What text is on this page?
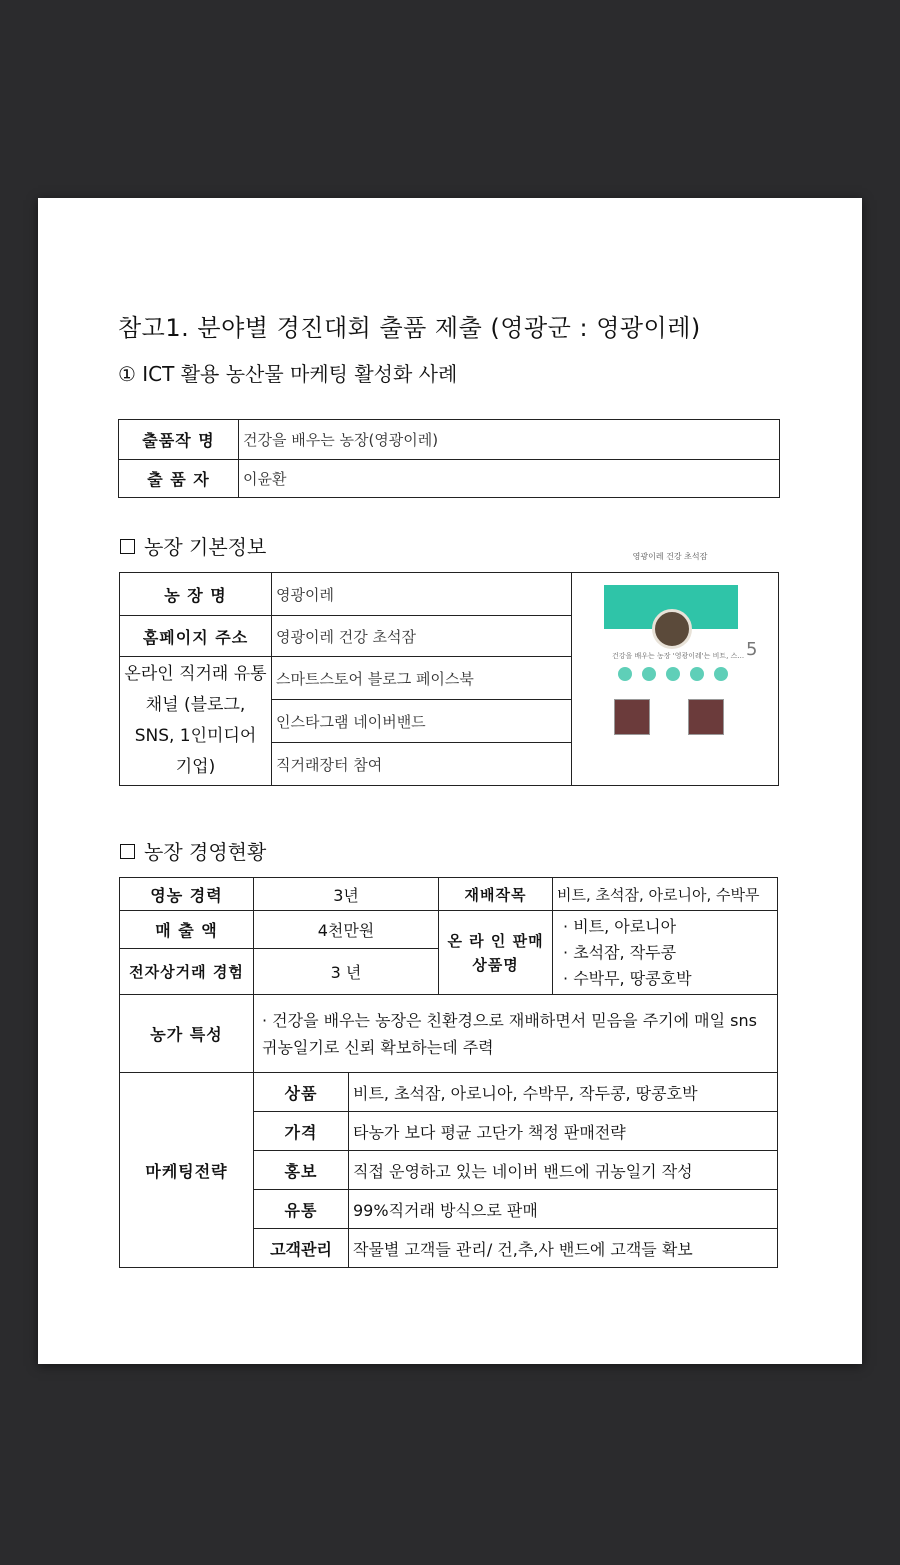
참고1. 분야별 경진대회 출품 제출 (영광군 : 영광이레)
① ICT 활용 농산물 마케팅 활성화 사례
출품작 명	건강을 배우는 농장(영광이레)
출 품 자	이윤환
농장 기본정보
농 장 명	영광이레	영광이레 건강 초석잠
건강을 배우는 농장 '영광이레'는 비트, 스... 5

홈페이지 주소	영광이레 건강 초석잠	
온라인 직거래 유통채널 (블로그, SNS, 1인미디어 기업)	스마트스토어 블로그 페이스북	
	인스타그램 네이버밴드	
	직거래장터 참여	
농장 경영현황
영농 경력	3년		재배작목	비트, 초석잠, 아로니아, 수박무
매 출 액	4천만원		온 라 인 판매상품명	· 비트, 아로니아
· 초석잠, 작두콩
· 수박무, 땅콩호박

전자상거래 경험	3 년			
농가 특성	· 건강을 배우는 농장은 친환경으로 재배하면서 믿음을 주기에 매일 sns 귀농일기로 신뢰 확보하는데 주력			
마케팅전략	상품	비트, 초석잠, 아로니아, 수박무, 작두콩, 땅콩호박		
	가격	타농가 보다 평균 고단가 책정 판매전략		
	홍보	직접 운영하고 있는 네이버 밴드에 귀농일기 작성		
	유통	99%직거래 방식으로 판매		
	고객관리	작물별 고객들 관리/ 건,추,사 밴드에 고객들 확보		
